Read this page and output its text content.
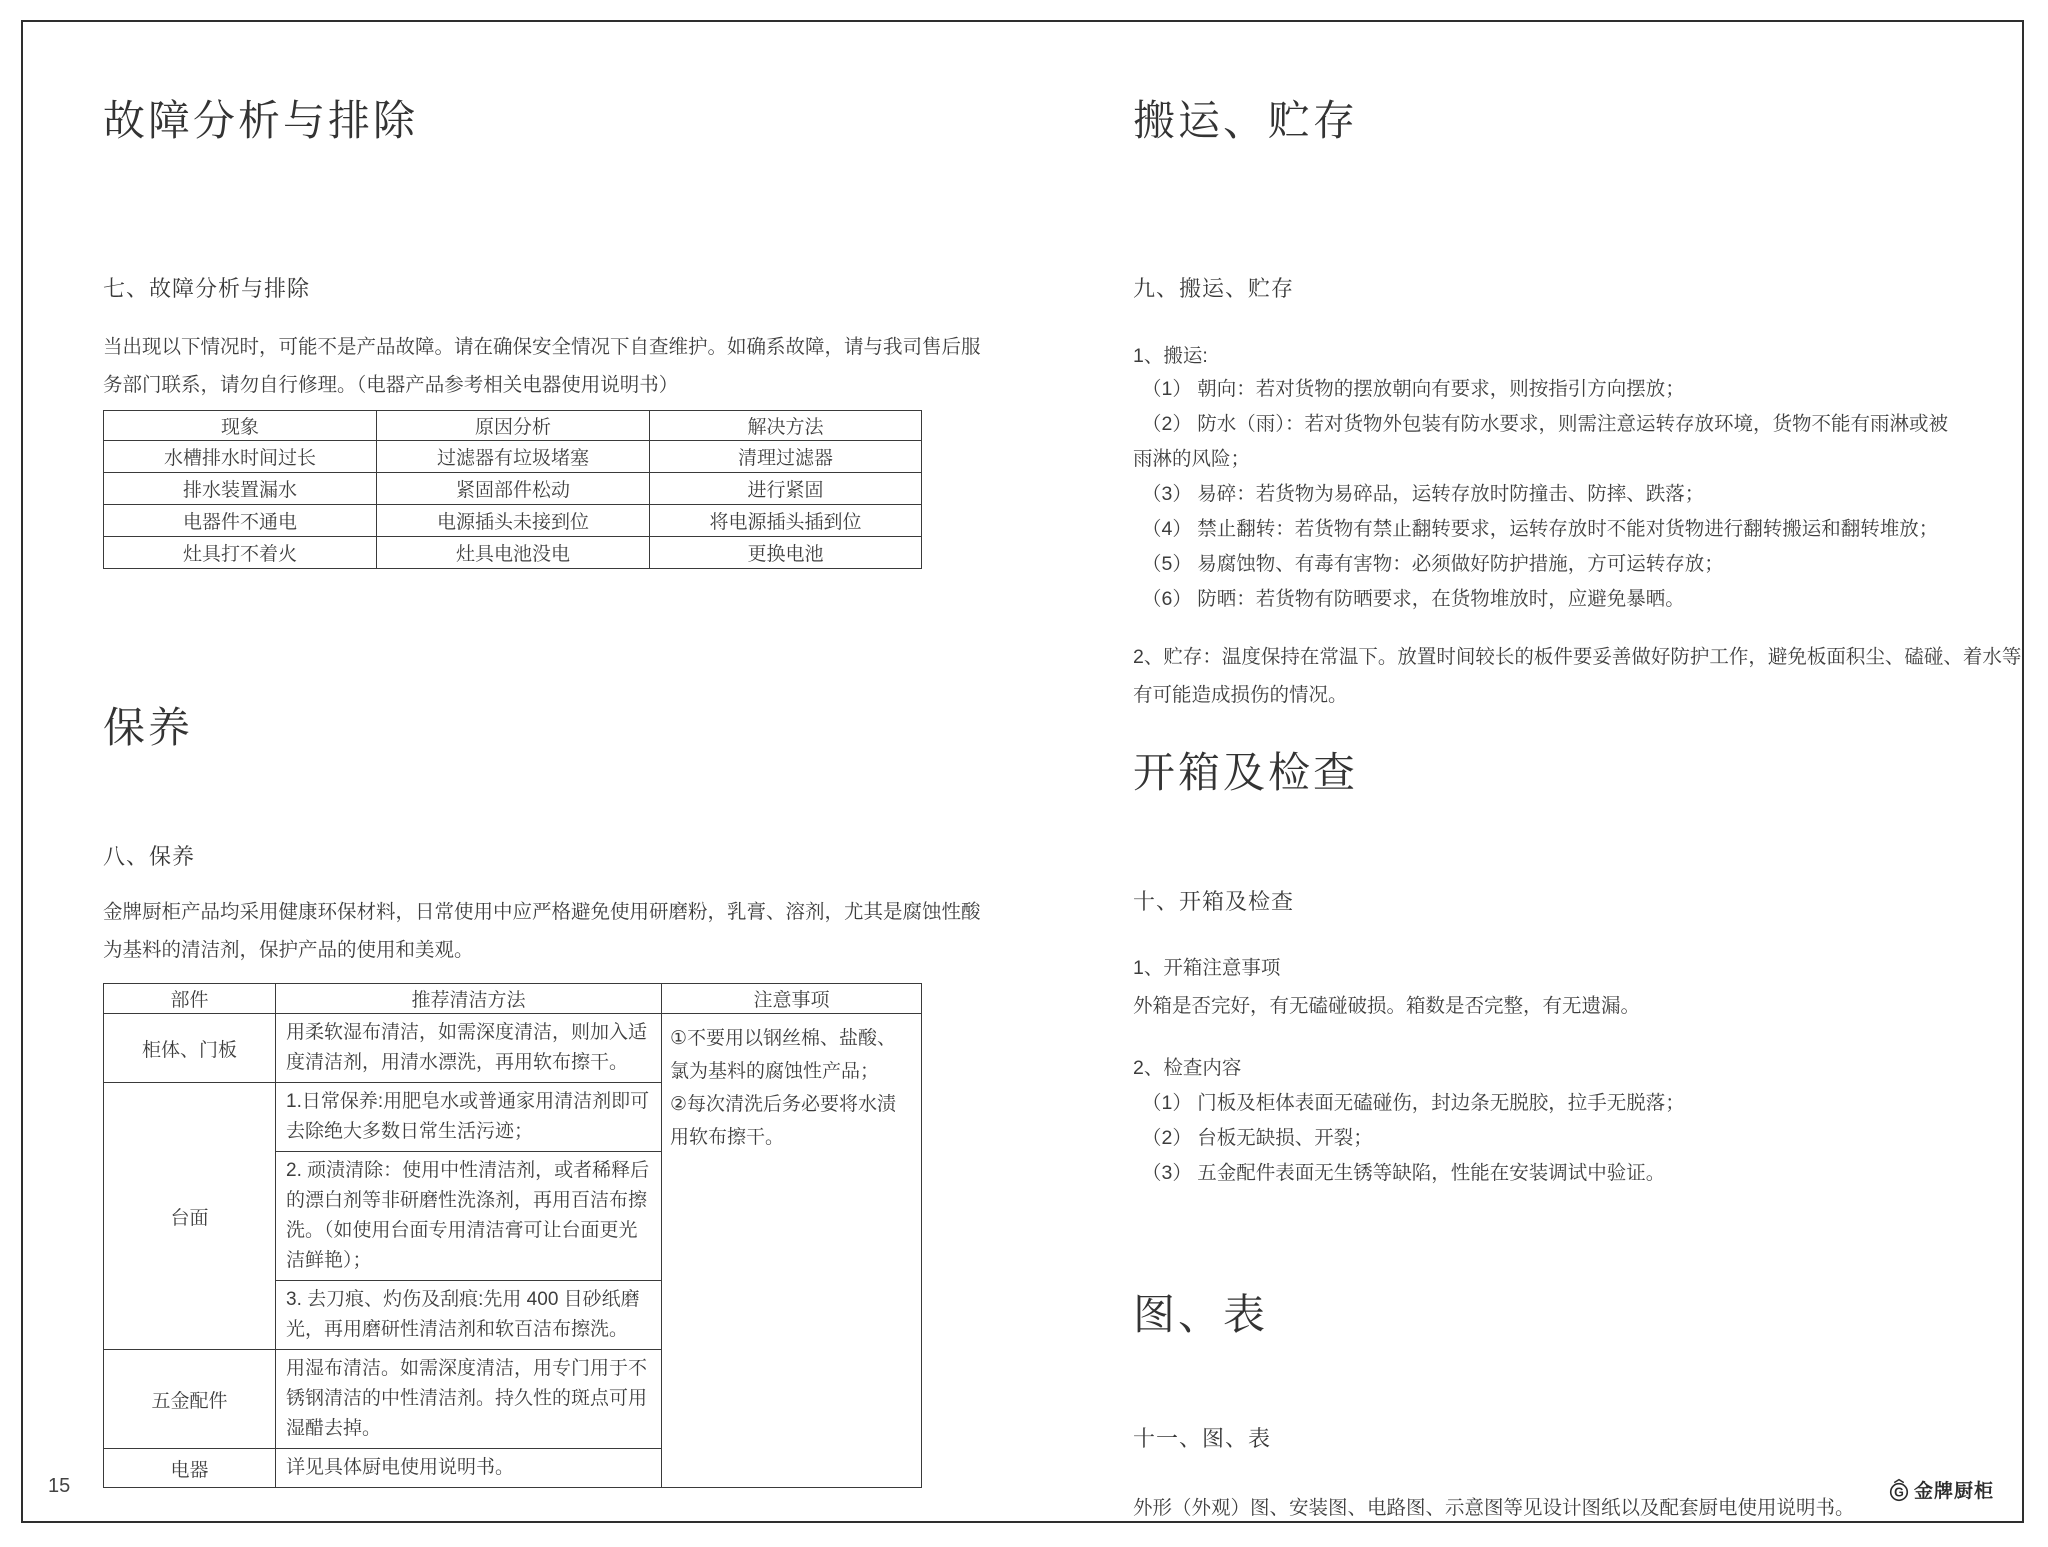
故障分析与排除
七、故障分析与排除
当出现以下情况时，可能不是产品故障。请在确保安全情况下自查维护。如确系故障，请与我司售后服
务部门联系，请勿自行修理。（电器产品参考相关电器使用说明书）
现象	原因分析	解决方法
水槽排水时间过长	过滤器有垃圾堵塞	清理过滤器
排水装置漏水	紧固部件松动	进行紧固
电器件不通电	电源插头未接到位	将电源插头插到位
灶具打不着火	灶具电池没电	更换电池
保养
八、保养
金牌厨柜产品均采用健康环保材料，日常使用中应严格避免使用研磨粉，乳膏、溶剂，尤其是腐蚀性酸
为基料的清洁剂，保护产品的使用和美观。
部件	推荐清洁方法	注意事项
柜体、门板	用柔软湿布清洁，如需深度清洁，则加入适度清洁剂，用清水漂洗，再用软布擦干。	①不要用以钢丝棉、盐酸、氯为基料的腐蚀性产品；
②每次清洗后务必要将水渍用软布擦干。

台面	1.日常保养:用肥皂水或普通家用清洁剂即可去除绝大多数日常生活污迹；	
	2. 顽渍清除：使用中性清洁剂，或者稀释后的漂白剂等非研磨性洗涤剂，再用百洁布擦洗。（如使用台面专用清洁膏可让台面更光洁鲜艳）；	
	3. 去刀痕、灼伤及刮痕:先用 400 目砂纸磨光，再用磨研性清洁剂和软百洁布擦洗。	
五金配件	用湿布清洁。如需深度清洁，用专门用于不锈钢清洁的中性清洁剂。持久性的斑点可用湿醋去掉。	
电器	详见具体厨电使用说明书。	
搬运、贮存
九、搬运、贮存
1、搬运:
（1） 朝向：若对货物的摆放朝向有要求，则按指引方向摆放；
（2） 防水（雨）：若对货物外包装有防水要求，则需注意运转存放环境，货物不能有雨淋或被
雨淋的风险；
（3） 易碎：若货物为易碎品，运转存放时防撞击、防摔、跌落；
（4） 禁止翻转：若货物有禁止翻转要求，运转存放时不能对货物进行翻转搬运和翻转堆放；
（5） 易腐蚀物、有毒有害物：必须做好防护措施，方可运转存放；
（6） 防晒：若货物有防晒要求，在货物堆放时，应避免暴晒。
2、贮存：温度保持在常温下。放置时间较长的板件要妥善做好防护工作，避免板面积尘、磕碰、着水等
有可能造成损伤的情况。
开箱及检查
十、开箱及检查
1、开箱注意事项
外箱是否完好，有无磕碰破损。箱数是否完整，有无遗漏。
2、检查内容
（1） 门板及柜体表面无磕碰伤，封边条无脱胶，拉手无脱落；
（2） 台板无缺损、开裂；
（3） 五金配件表面无生锈等缺陷，性能在安装调试中验证。
图、表
十一、图、表
外形（外观）图、安装图、电路图、示意图等见设计图纸以及配套厨电使用说明书。
15	G 金牌厨柜
